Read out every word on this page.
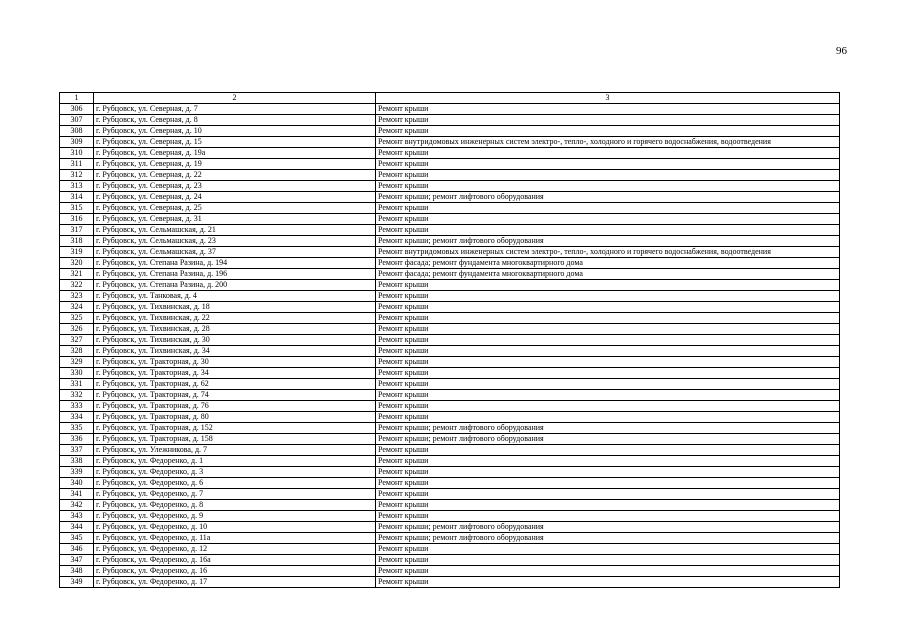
96
1	2	3
306	г. Рубцовск, ул. Северная, д. 7	Ремонт крыши
307	г. Рубцовск, ул. Северная, д. 8	Ремонт крыши
308	г. Рубцовск, ул. Северная, д. 10	Ремонт крыши
309	г. Рубцовск, ул. Северная, д. 15	Ремонт внутридомовых инженерных систем электро-, тепло-, холодного и горячего водоснабжения, водоотведения
310	г. Рубцовск, ул. Северная, д. 19а	Ремонт крыши
311	г. Рубцовск, ул. Северная, д. 19	Ремонт крыши
312	г. Рубцовск, ул. Северная, д. 22	Ремонт крыши
313	г. Рубцовск, ул. Северная, д. 23	Ремонт крыши
314	г. Рубцовск, ул. Северная, д. 24	Ремонт крыши; ремонт лифтового оборудования
315	г. Рубцовск, ул. Северная, д. 25	Ремонт крыши
316	г. Рубцовск, ул. Северная, д. 31	Ремонт крыши
317	г. Рубцовск, ул. Сельмашская, д. 21	Ремонт крыши
318	г. Рубцовск, ул. Сельмашская, д. 23	Ремонт крыши; ремонт лифтового оборудования
319	г. Рубцовск, ул. Сельмашская, д. 37	Ремонт внутридомовых инженерных систем электро-, тепло-, холодного и горячего водоснабжения, водоотведения
320	г. Рубцовск, ул. Степана Разина, д. 194	Ремонт фасада; ремонт фундамента многоквартирного дома
321	г. Рубцовск, ул. Степана Разина, д. 196	Ремонт фасада; ремонт фундамента многоквартирного дома
322	г. Рубцовск, ул. Степана Разина, д. 200	Ремонт крыши
323	г. Рубцовск, ул. Танковая, д. 4	Ремонт крыши
324	г. Рубцовск, ул. Тихвинская, д. 18	Ремонт крыши
325	г. Рубцовск, ул. Тихвинская, д. 22	Ремонт крыши
326	г. Рубцовск, ул. Тихвинская, д. 28	Ремонт крыши
327	г. Рубцовск, ул. Тихвинская, д. 30	Ремонт крыши
328	г. Рубцовск, ул. Тихвинская, д. 34	Ремонт крыши
329	г. Рубцовск, ул. Тракторная, д. 30	Ремонт крыши
330	г. Рубцовск, ул. Тракторная, д. 34	Ремонт крыши
331	г. Рубцовск, ул. Тракторная, д. 62	Ремонт крыши
332	г. Рубцовск, ул. Тракторная, д. 74	Ремонт крыши
333	г. Рубцовск, ул. Тракторная, д. 76	Ремонт крыши
334	г. Рубцовск, ул. Тракторная, д. 80	Ремонт крыши
335	г. Рубцовск, ул. Тракторная, д. 152	Ремонт крыши; ремонт лифтового оборудования
336	г. Рубцовск, ул. Тракторная, д. 158	Ремонт крыши; ремонт лифтового оборудования
337	г. Рубцовск, ул. Улежникова, д. 7	Ремонт крыши
338	г. Рубцовск, ул. Федоренко, д. 1	Ремонт крыши
339	г. Рубцовск, ул. Федоренко, д. 3	Ремонт крыши
340	г. Рубцовск, ул. Федоренко, д. 6	Ремонт крыши
341	г. Рубцовск, ул. Федоренко, д. 7	Ремонт крыши
342	г. Рубцовск, ул. Федоренко, д. 8	Ремонт крыши
343	г. Рубцовск, ул. Федоренко, д. 9	Ремонт крыши
344	г. Рубцовск, ул. Федоренко, д. 10	Ремонт крыши; ремонт лифтового оборудования
345	г. Рубцовск, ул. Федоренко, д. 11а	Ремонт крыши; ремонт лифтового оборудования
346	г. Рубцовск, ул. Федоренко, д. 12	Ремонт крыши
347	г. Рубцовск, ул. Федоренко, д. 16а	Ремонт крыши
348	г. Рубцовск, ул. Федоренко, д. 16	Ремонт крыши
349	г. Рубцовск, ул. Федоренко, д. 17	Ремонт крыши
